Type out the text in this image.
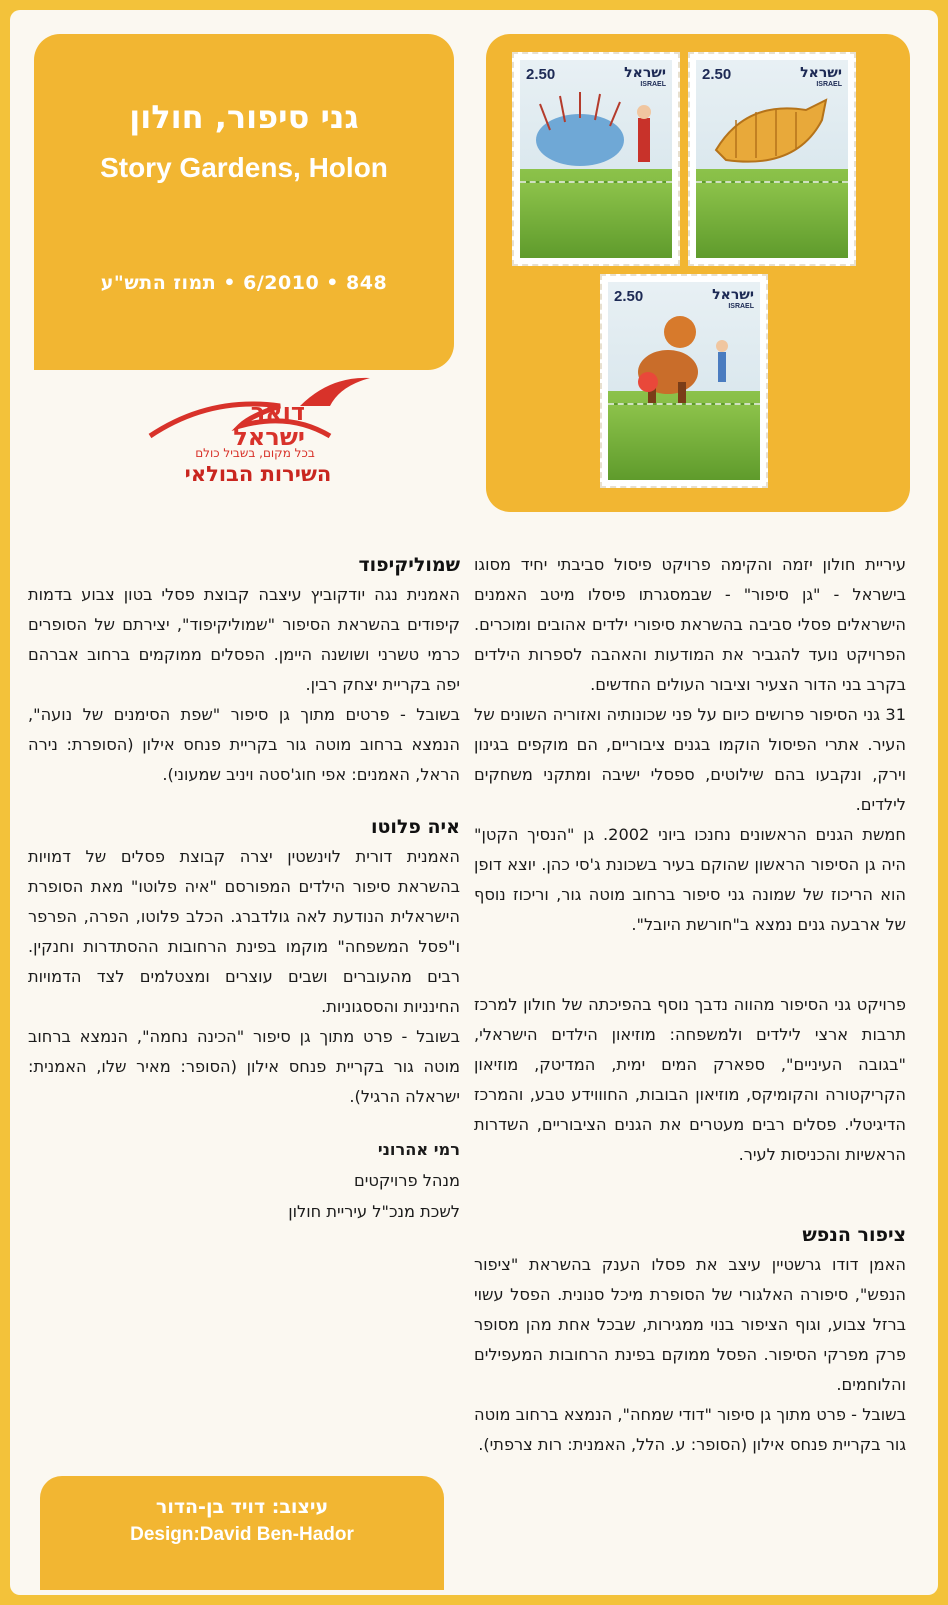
גני סיפור, חולון
Story Gardens, Holon
848 • 6/2010 • תמוז התש"ע
2.50	ישראל
ISRAEL
2.50	ישראל
ISRAEL
2.50	ישראל
ISRAEL
דואר
ישראל
בכל מקום, בשביל כולם
השירות הבולאי

עיריית חולון יזמה והקימה פרויקט פיסול סביבתי יחיד מסוגו בישראל - "גן סיפור" - שבמסגרתו פיסלו מיטב האמנים הישראלים פסלי סביבה בהשראת סיפורי ילדים אהובים ומוכרים. הפרויקט נועד להגביר את המודעות והאהבה לספרות הילדים בקרב בני הדור הצעיר וציבור העולים החדשים.

31 גני הסיפור פרושים כיום על פני שכונותיה ואזוריה השונים של העיר. אתרי הפיסול הוקמו בגנים ציבוריים, הם מוקפים בגינון וירק, ונקבעו בהם שילוטים, ספסלי ישיבה ומתקני משחקים לילדים.

חמשת הגנים הראשונים נחנכו ביוני 2002. גן "הנסיך הקטן" היה גן הסיפור הראשון שהוקם בעיר בשכונת ג'סי כהן. יוצא דופן הוא הריכוז של שמונה גני סיפור ברחוב מוטה גור, וריכוז נוסף של ארבעה גנים נמצא ב"חורשת היובל".

פרויקט גני הסיפור מהווה נדבך נוסף בהפיכתה של חולון למרכז תרבות ארצי לילדים ולמשפחה: מוזיאון הילדים הישראלי, "בגובה העיניים", ספארק המים ימית, המדיטק, מוזיאון הקריקטורה והקומיקס, מוזיאון הבובות, החוווידע טבע, והמרכז הדיגיטלי. פסלים רבים מעטרים את הגנים הציבוריים, השדרות הראשיות והכניסות לעיר.

ציפור הנפש

האמן דודו גרשטיין עיצב את פסלו הענק בהשראת "ציפור הנפש", סיפורה האלגורי של הסופרת מיכל סנונית. הפסל עשוי ברזל צבוע, וגוף הציפור בנוי ממגירות, שבכל אחת מהן מסופר פרק מפרקי הסיפור. הפסל ממוקם בפינת הרחובות המעפילים והלוחמים.

בשובל - פרט מתוך גן סיפור "דודי שמחה", הנמצא ברחוב מוטה גור בקריית פנחס אילון (הסופר: ע. הלל, האמנית: רות צרפתי).

שמוליקיפוד

האמנית נגה יודקוביץ עיצבה קבוצת פסלי בטון צבוע בדמות קיפודים בהשראת הסיפור "שמוליקיפוד", יצירתם של הסופרים כרמי טשרני ושושנה היימן. הפסלים ממוקמים ברחוב אברהם יפה בקריית יצחק רבין.

בשובל - פרטים מתוך גן סיפור "שפת הסימנים של נועה", הנמצא ברחוב מוטה גור בקריית פנחס אילון (הסופרת: נירה הראל, האמנים: אפי חוג'סטה ויניב שמעוני).

איה פלוטו

האמנית דורית לוינשטין יצרה קבוצת פסלים של דמויות בהשראת סיפור הילדים המפורסם "איה פלוטו" מאת הסופרת הישראלית הנודעת לאה גולדברג. הכלב פלוטו, הפרה, הפרפר ו"פסל המשפחה" מוקמו בפינת הרחובות ההסתדרות וחנקין. רבים מהעוברים ושבים עוצרים ומצטלמים לצד הדמויות החינניות והססגוניות.

בשובל - פרט מתוך גן סיפור "הכינה נחמה", הנמצא ברחוב מוטה גור בקריית פנחס אילון (הסופר: מאיר שלו, האמנית: ישראלה הרגיל).

רמי אהרוני
מנהל פרויקטים
לשכת מנכ"ל עיריית חולון
עיצוב: דויד בן-הדור
Design:David Ben-Hador
